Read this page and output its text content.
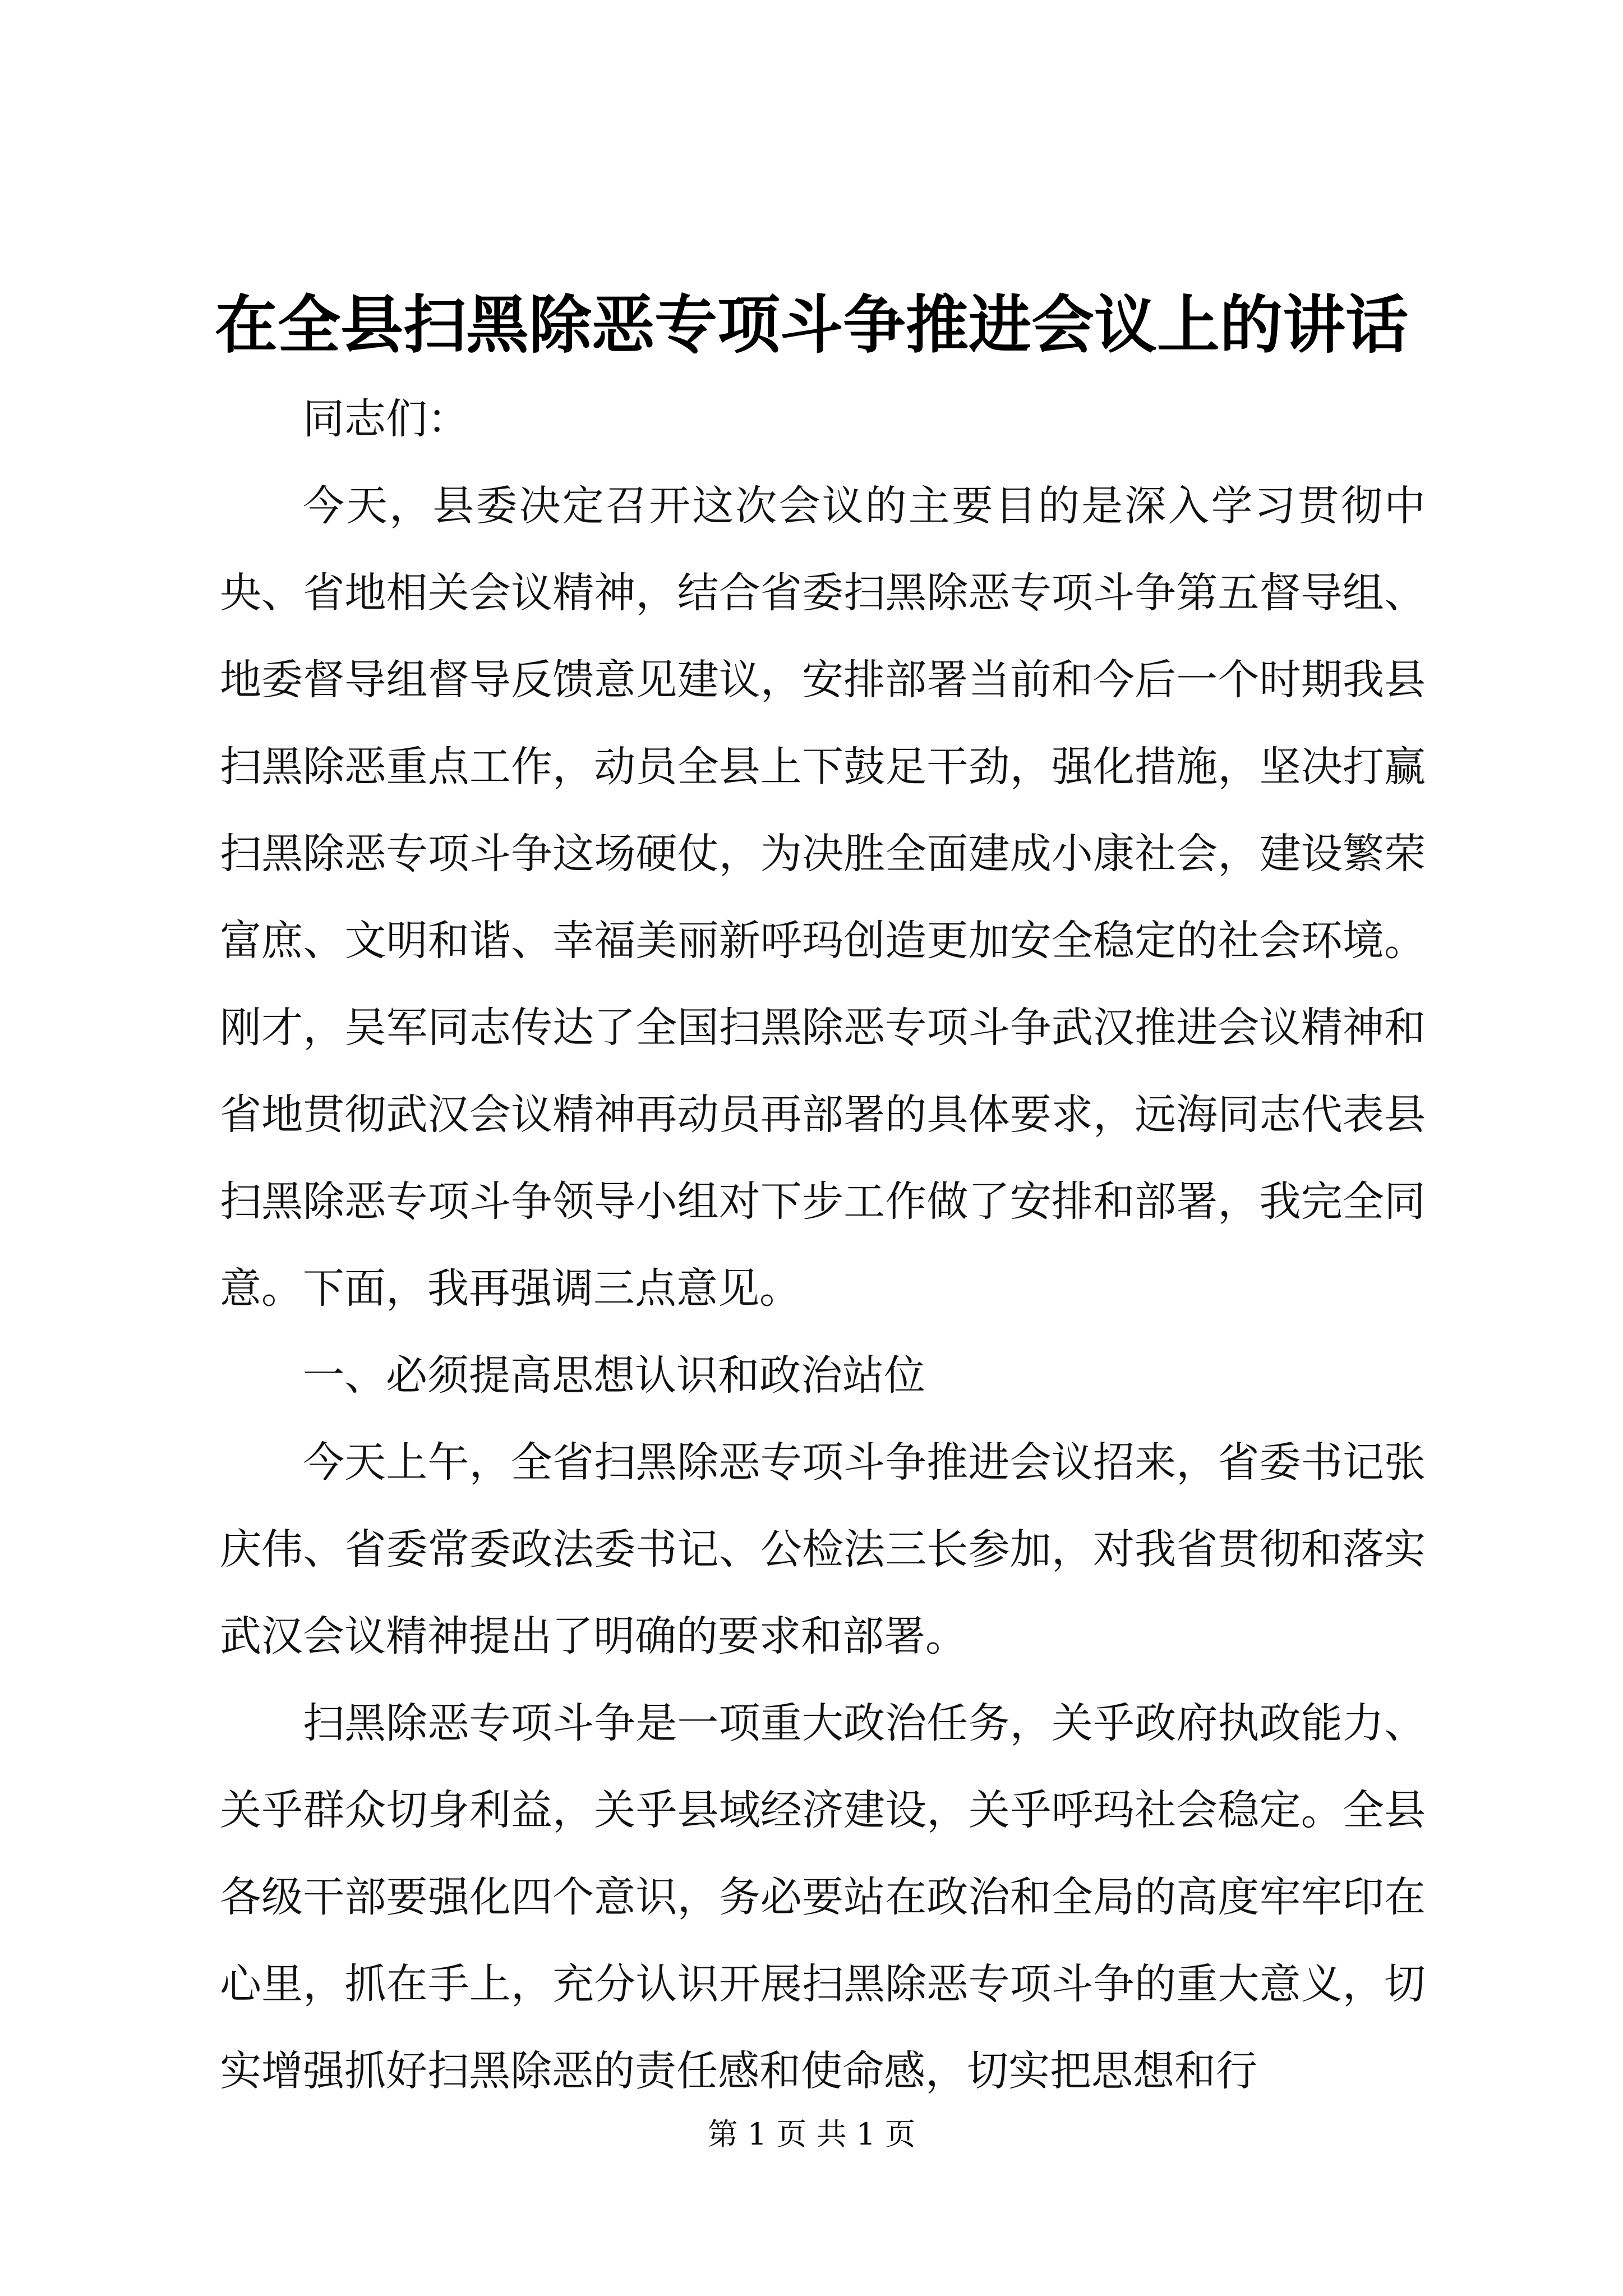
在全县扫黑除恶专项斗争推进会议上的讲话

同志们：

今天，县委决定召开这次会议的主要目的是深入学习贯彻中央、省地相关会议精神，结合省委扫黑除恶专项斗争第五督导组、地委督导组督导反馈意见建议，安排部署当前和今后一个时期我县扫黑除恶重点工作，动员全县上下鼓足干劲，强化措施，坚决打赢扫黑除恶专项斗争这场硬仗，为决胜全面建成小康社会，建设繁荣富庶、文明和谐、幸福美丽新呼玛创造更加安全稳定的社会环境。刚才，吴军同志传达了全国扫黑除恶专项斗争武汉推进会议精神和省地贯彻武汉会议精神再动员再部署的具体要求，远海同志代表县扫黑除恶专项斗争领导小组对下步工作做了安排和部署，我完全同意。下面，我再强调三点意见。

一、必须提高思想认识和政治站位

今天上午，全省扫黑除恶专项斗争推进会议招来，省委书记张庆伟、省委常委政法委书记、公检法三长参加，对我省贯彻和落实武汉会议精神提出了明确的要求和部署。

扫黑除恶专项斗争是一项重大政治任务，关乎政府执政能力、关乎群众切身利益，关乎县域经济建设，关乎呼玛社会稳定。全县各级干部要强化四个意识，务必要站在政治和全局的高度牢牢印在心里，抓在手上，充分认识开展扫黑除恶专项斗争的重大意义，切实增强抓好扫黑除恶的责任感和使命感，切实把思想和行

第 1 页 共 1 页
